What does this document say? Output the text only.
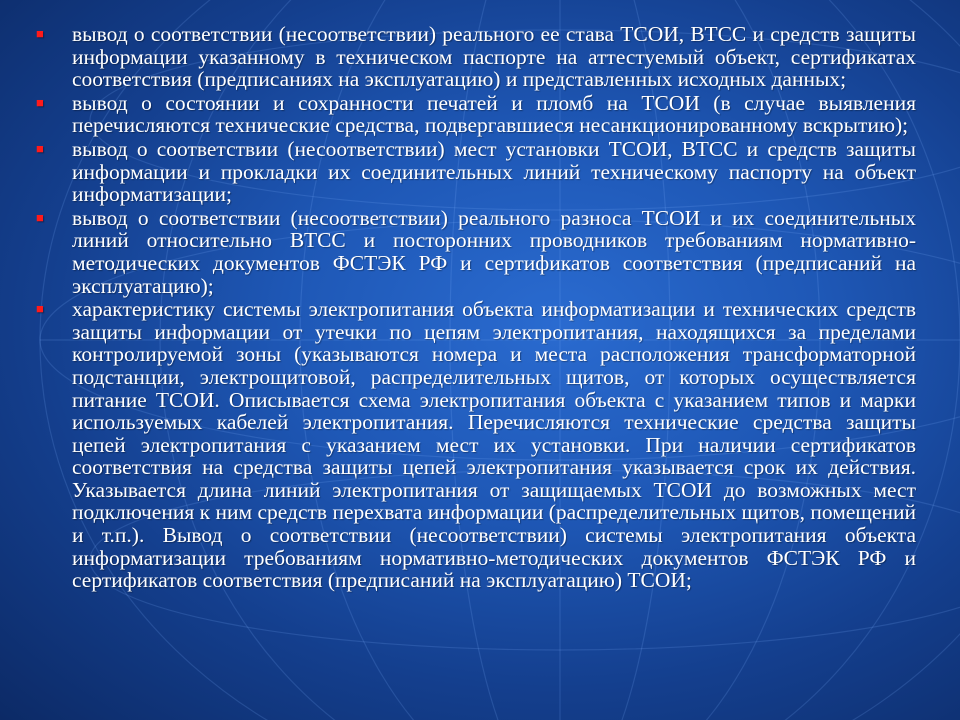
■ вывод о соответствии (несоответствии) реального ее става ТСОИ, ВТСС и средств защиты информации указанному в техническом паспорте на аттестуемый объект, сертификатах соответствия (предписаниях на эксплуатацию) и представленных исходных данных;
■ вывод о состоянии и сохранности печатей и пломб на ТСОИ (в случае выявления перечисляются технические средства, подвергавшиеся несанкционированному вскрытию);
■ вывод о соответствии (несоответствии) мест установки ТСОИ, ВТСС и средств защиты информации и прокладки их соединительных линий техническому паспорту на объект информатизации;
■ вывод о соответствии (несоответствии) реального разноса ТСОИ и их соединительных линий относительно ВТСС и посторонних проводников требованиям нормативно-методических документов ФСТЭК РФ и сертификатов соответствия (предписаний на эксплуатацию);
■ характеристику системы электропитания объекта информатизации и технических средств защиты информации от утечки по цепям электропитания, находящихся за пределами контролируемой зоны (указываются номера и места расположения трансформаторной подстанции, электрощитовой, распределительных щитов, от которых осуществляется питание ТСОИ. Описывается схема электропитания объекта с указанием типов и марки используемых кабелей электропитания. Перечисляются технические средства защиты цепей электропитания с указанием мест их установки. При наличии сертификатов соответствия на средства защиты цепей электропитания указывается срок их действия. Указывается длина линий электропитания от защищаемых ТСОИ до возможных мест подключения к ним средств перехвата информации (распределительных щитов, помещений и т.п.). Вывод о соответствии (несоответствии) системы электропитания объекта информатизации требованиям нормативно-методических документов ФСТЭК РФ и сертификатов соответствия (предписаний на эксплуатацию) ТСОИ;
